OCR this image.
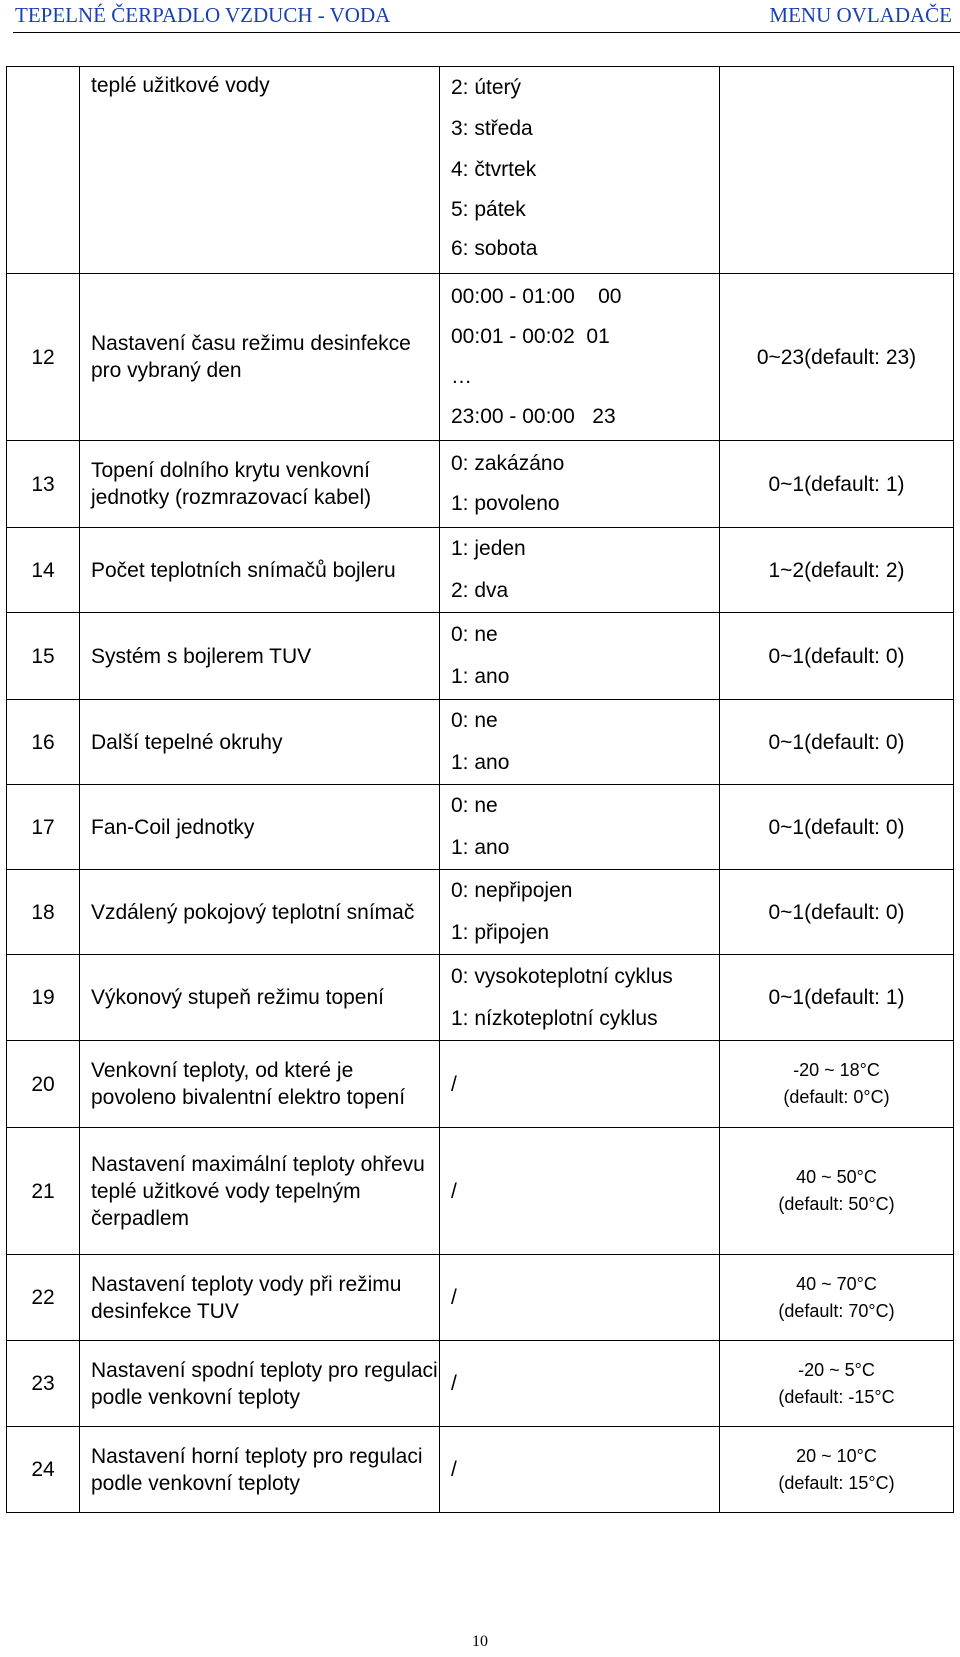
TEPELNÉ ČERPADLO VZDUCH - VODA	MENU OVLADAČE
	teplé užitkové vody	2: úterý
3: středa
4: čtvrtek
5: pátek
6: sobota	

12	Nastavení času režimu desinfekce pro vybraný den	00:00 - 01:00    00
00:01 - 00:02  01
…
23:00 - 00:00   23	0~23(default: 23)
13	Topení dolního krytu venkovní jednotky (rozmrazovací kabel)	0: zakázáno
1: povoleno	0~1(default: 1)
14	Počet teplotních snímačů bojleru	1: jeden
2: dva	1~2(default: 2)
15	Systém s bojlerem TUV	0: ne
1: ano	0~1(default: 0)
16	Další tepelné okruhy	0: ne
1: ano	0~1(default: 0)
17	Fan-Coil jednotky	0: ne
1: ano	0~1(default: 0)
18	Vzdálený pokojový teplotní snímač	0: nepřipojen
1: připojen	0~1(default: 0)
19	Výkonový stupeň režimu topení	0: vysokoteplotní cyklus
1: nízkoteplotní cyklus	0~1(default: 1)
20	Venkovní teploty, od které je povoleno bivalentní elektro topení	/	-20 ~ 18°C
(default: 0°C)
21	Nastavení maximální teploty ohřevu teplé užitkové vody tepelným čerpadlem	/	40 ~ 50°C
(default: 50°C)
22	Nastavení teploty vody při režimu desinfekce TUV	/	40 ~ 70°C
(default: 70°C)
23	Nastavení spodní teploty pro regulaci podle venkovní teploty	/	-20 ~ 5°C
(default: -15°C
24	Nastavení horní teploty pro regulaci podle venkovní teploty	/	20 ~ 10°C
(default: 15°C)
10
